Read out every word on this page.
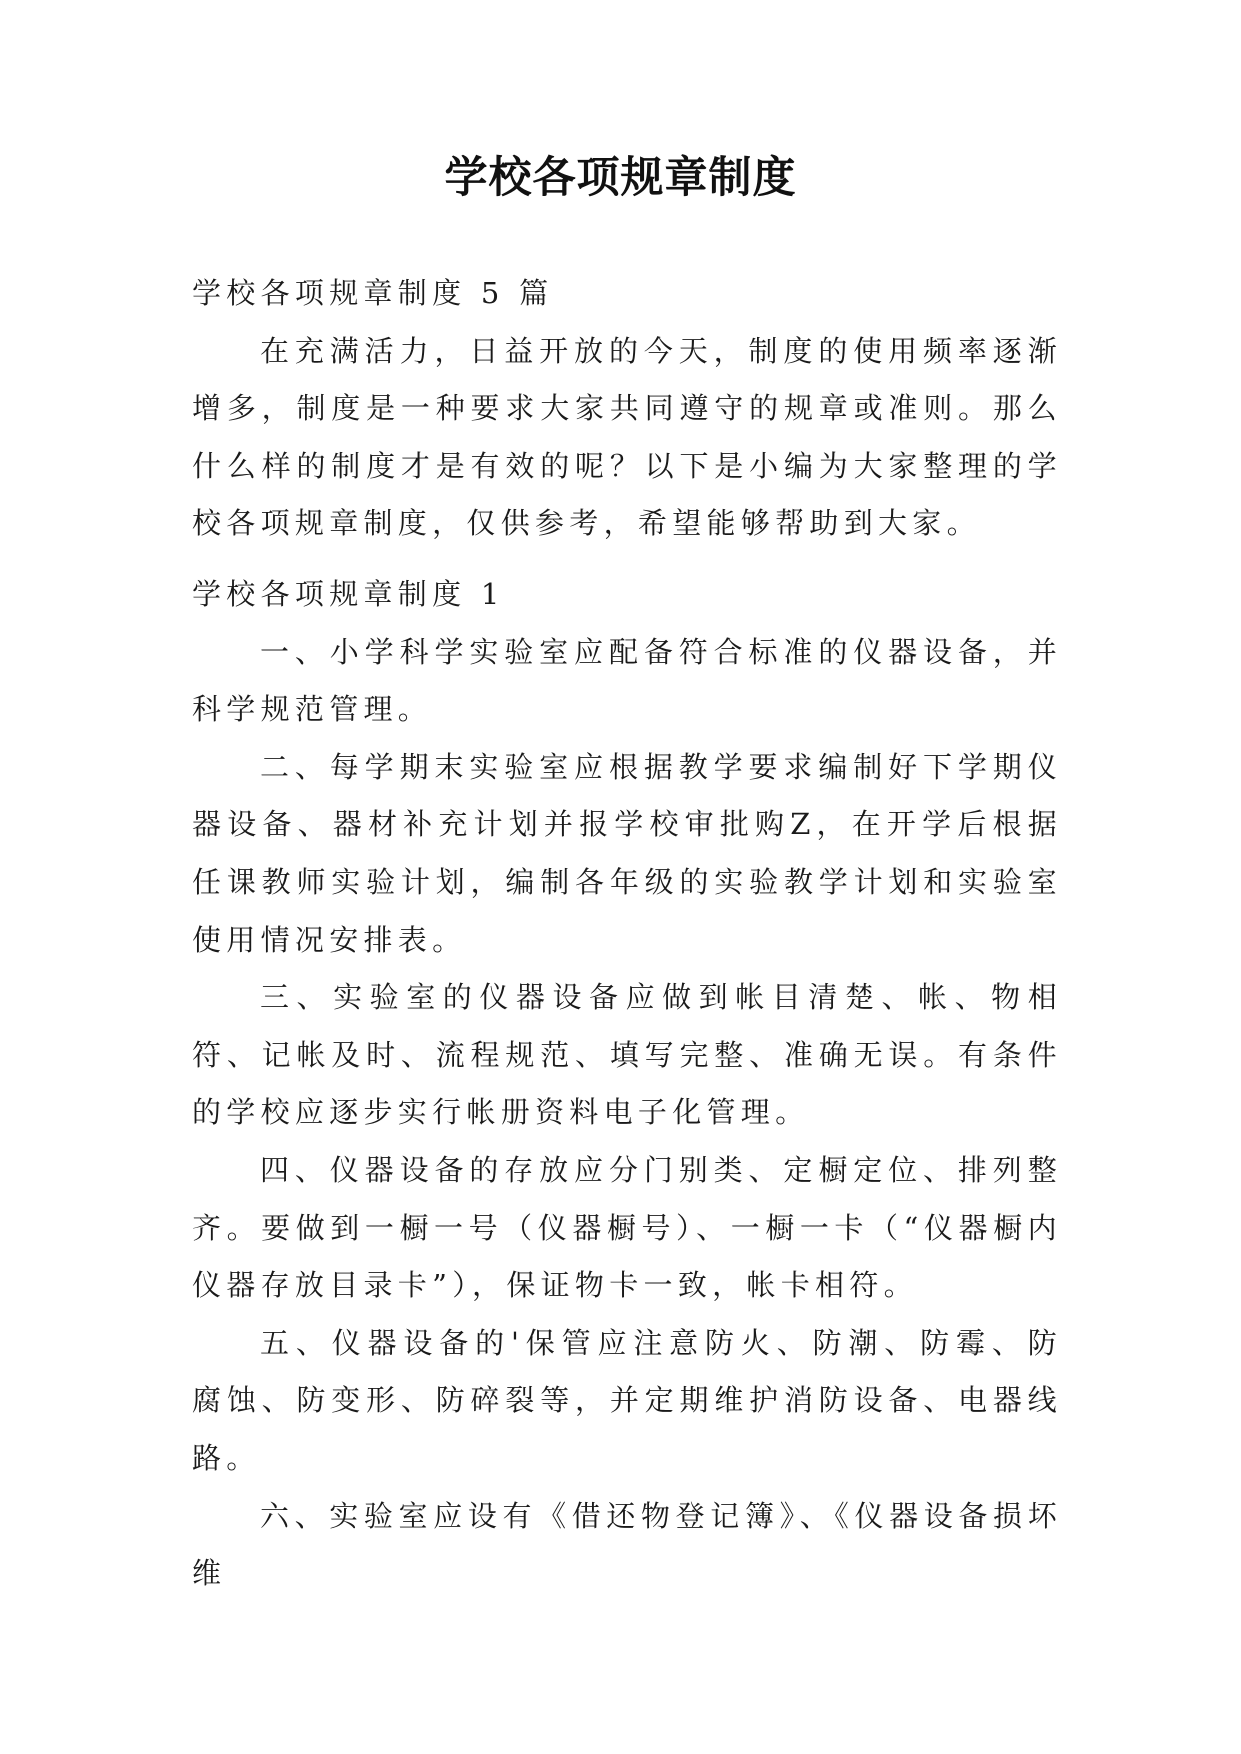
学校各项规章制度

学校各项规章制度 5 篇

在充满活力，日益开放的今天，制度的使用频率逐渐增多，制度是一种要求大家共同遵守的规章或准则。那么什么样的制度才是有效的呢？以下是小编为大家整理的学校各项规章制度，仅供参考，希望能够帮助到大家。

学校各项规章制度 1

一、小学科学实验室应配备符合标准的仪器设备，并科学规范管理。

二、每学期末实验室应根据教学要求编制好下学期仪器设备、器材补充计划并报学校审批购Z，在开学后根据任课教师实验计划，编制各年级的实验教学计划和实验室使用情况安排表。

三、实验室的仪器设备应做到帐目清楚、帐、物相符、记帐及时、流程规范、填写完整、准确无误。有条件的学校应逐步实行帐册资料电子化管理。

四、仪器设备的存放应分门别类、定橱定位、排列整齐。要做到一橱一号（仪器橱号）、一橱一卡（“仪器橱内仪器存放目录卡”），保证物卡一致，帐卡相符。

五、仪器设备的'保管应注意防火、防潮、防霉、防腐蚀、防变形、防碎裂等，并定期维护消防设备、电器线路。

六、实验室应设有《借还物登记簿》、《仪器设备损坏维
